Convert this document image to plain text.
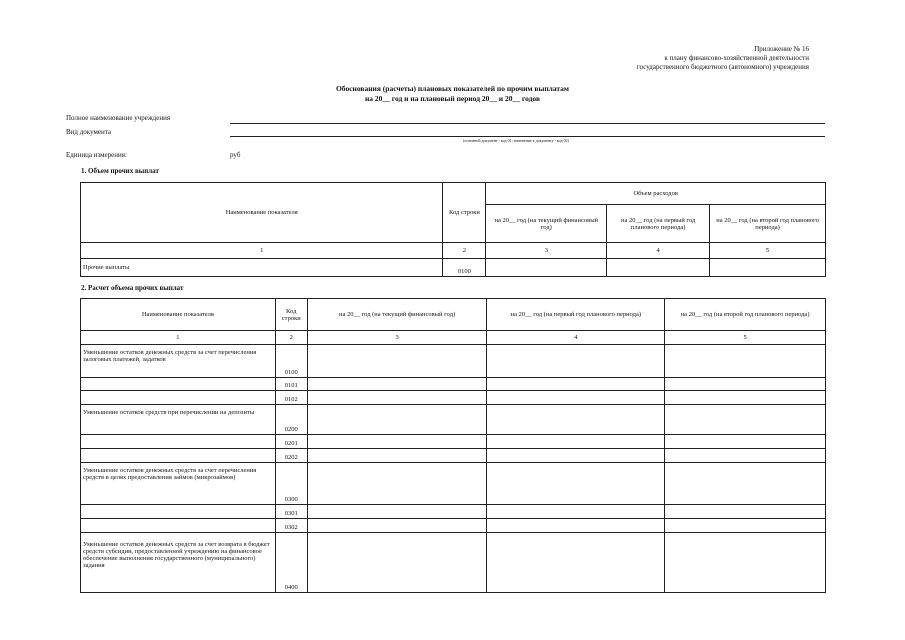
Приложение № 16
к плану финансово-хозяйственной деятельности
государственного бюджетного (автономного) учреждения
Обоснования (расчеты) плановых показателей по прочим выплатам
на 20__ год и на плановый период 20__ и 20__ годов
Полное наименование учреждения
Вид документа
(основной документ - код 01; изменение к документу - код 02)
Единица измерения:	руб
1. Объем прочих выплат
Наименование показателя	Код строки	Объем расходов		
		на 20__ год (на текущий финансовый год)	на 20__ год (на первый год планового периода)	на 20__ год (на второй год планового периода)
1	2	3	4	5
Прочие выплаты	0100			
2. Расчет объема прочих выплат
Наименование показателя	Код строки	на 20__ год (на текущий финансовый год)	на 20__ год (на первый год планового периода)	на 20__ год (на второй год планового периода)
1	2	3	4	5
Уменьшение остатков денежных средств за счет перечисления залоговых платежей, задатков	0100			
	0101			
	0102			
Уменьшение остатков средств при перечислении на депозиты	0200			
	0201			
	0202			
Уменьшение остатков денежных средств за счет перечисления средств в целях предоставления займов (микрозаймов)	0300			
	0301			
	0302			
Уменьшение остатков денежных средств за счет возврата в бюджет средств субсидии, предоставленной учреждению на финансовое обеспечение выполнения государственного (муниципального) задания	0400			
